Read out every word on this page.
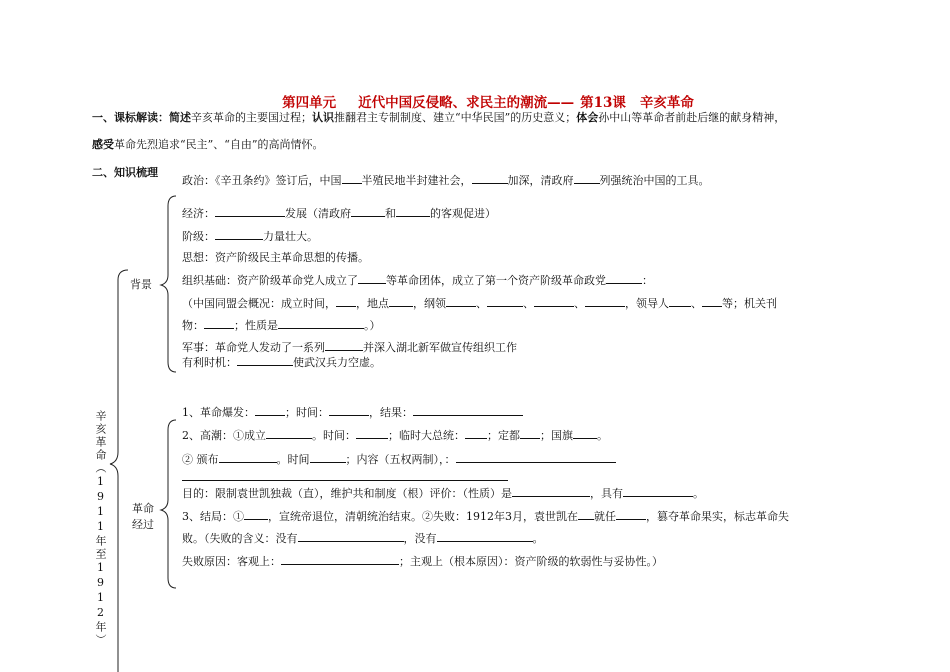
第四单元 近代中国反侵略、求民主的潮流—— 第13课 辛亥革命
一、课标解读：简述辛亥革命的主要国过程；认识推翻君主专制制度、建立“中华民国”的历史意义；体会孙中山等革命者前赴后继的献身精神，
感受革命先烈追求“民主”、“自由”的高尚情怀。
二、知识梳理
辛亥革命（1911年至1912年）
背景
革命
经过
政治：《辛丑条约》签订后，中国 半殖民地半封建社会，	加深，清政府 列强统治中国的工具。
经济：	发展（清政府	和	的客观促进）
阶级：	力量壮大。
思想：资产阶级民主革命思想的传播。
组织基础：资产阶级革命党人成立了	等革命团体，成立了第一个资产阶级革命政党	：
（中国同盟会概况：成立时间， ，地点 ，纲领	、	、	、	，领导人 、 等；机关刊
物：	；性质是	。）
军事：革命党人发动了一系列	并深入湖北新军做宣传组织工作
有利时机：	使武汉兵力空虚。
1、革命爆发：	；时间：	，结果：
2、高潮：①成立	。时间：	；临时大总统： ；定都 ；国旗 。
② 颁布	。时间	；内容（五权两制），：
目的：限制袁世凯独裁（直），维护共和制度（根）评价：（性质）是	，具有	。
3、结局：① ，宣统帝退位，清朝统治结束。②失败：1912年3月，袁世凯在 就任	，篡夺革命果实，标志革命失
败。（失败的含义：没有	，没有	。
失败原因：客观上：	；主观上（根本原因）：资产阶级的软弱性与妥协性。）
